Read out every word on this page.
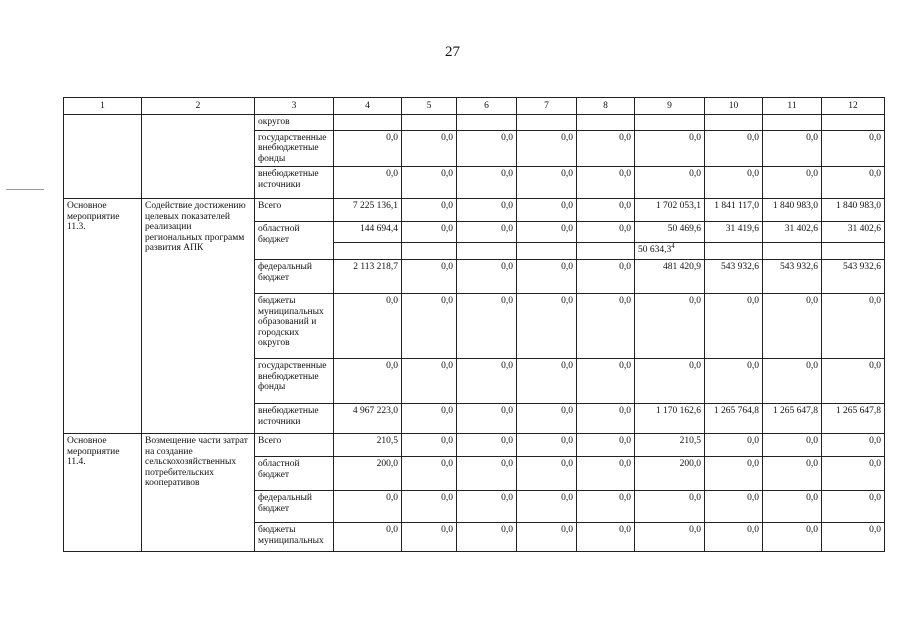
27
1	2	3	4	5	6	7	8	9	10	11	12
		округов									
		государственные внебюджетные фонды	0,0	0,0	0,0	0,0	0,0	0,0	0,0	0,0	0,0
		внебюджетные источники	0,0	0,0	0,0	0,0	0,0	0,0	0,0	0,0	0,0
Основное мероприятие 11.3.	Содействие достижению целевых показателей реализации региональных программ развития АПК	Всего	7 225 136,1	0,0	0,0	0,0	0,0	1 702 053,1	1 841 117,0	1 840 983,0	1 840 983,0
		областной бюджет	144 694,4	0,0	0,0	0,0	0,0	50 469,6	31 419,6	31 402,6	31 402,6
								50 634,3$^4$			
		федеральный бюджет	2 113 218,7	0,0	0,0	0,0	0,0	481 420,9	543 932,6	543 932,6	543 932,6
		бюджеты муниципальных образований и городских округов	0,0	0,0	0,0	0,0	0,0	0,0	0,0	0,0	0,0
		государственные внебюджетные фонды	0,0	0,0	0,0	0,0	0,0	0,0	0,0	0,0	0,0
		внебюджетные источники	4 967 223,0	0,0	0,0	0,0	0,0	1 170 162,6	1 265 764,8	1 265 647,8	1 265 647,8
Основное мероприятие 11.4.	Возмещение части затрат на создание сельскохозяйственных потребительских кооперативов	Всего	210,5	0,0	0,0	0,0	0,0	210,5	0,0	0,0	0,0
		областной бюджет	200,0	0,0	0,0	0,0	0,0	200,0	0,0	0,0	0,0
		федеральный бюджет	0,0	0,0	0,0	0,0	0,0	0,0	0,0	0,0	0,0
		бюджеты муниципальных	0,0	0,0	0,0	0,0	0,0	0,0	0,0	0,0	0,0
